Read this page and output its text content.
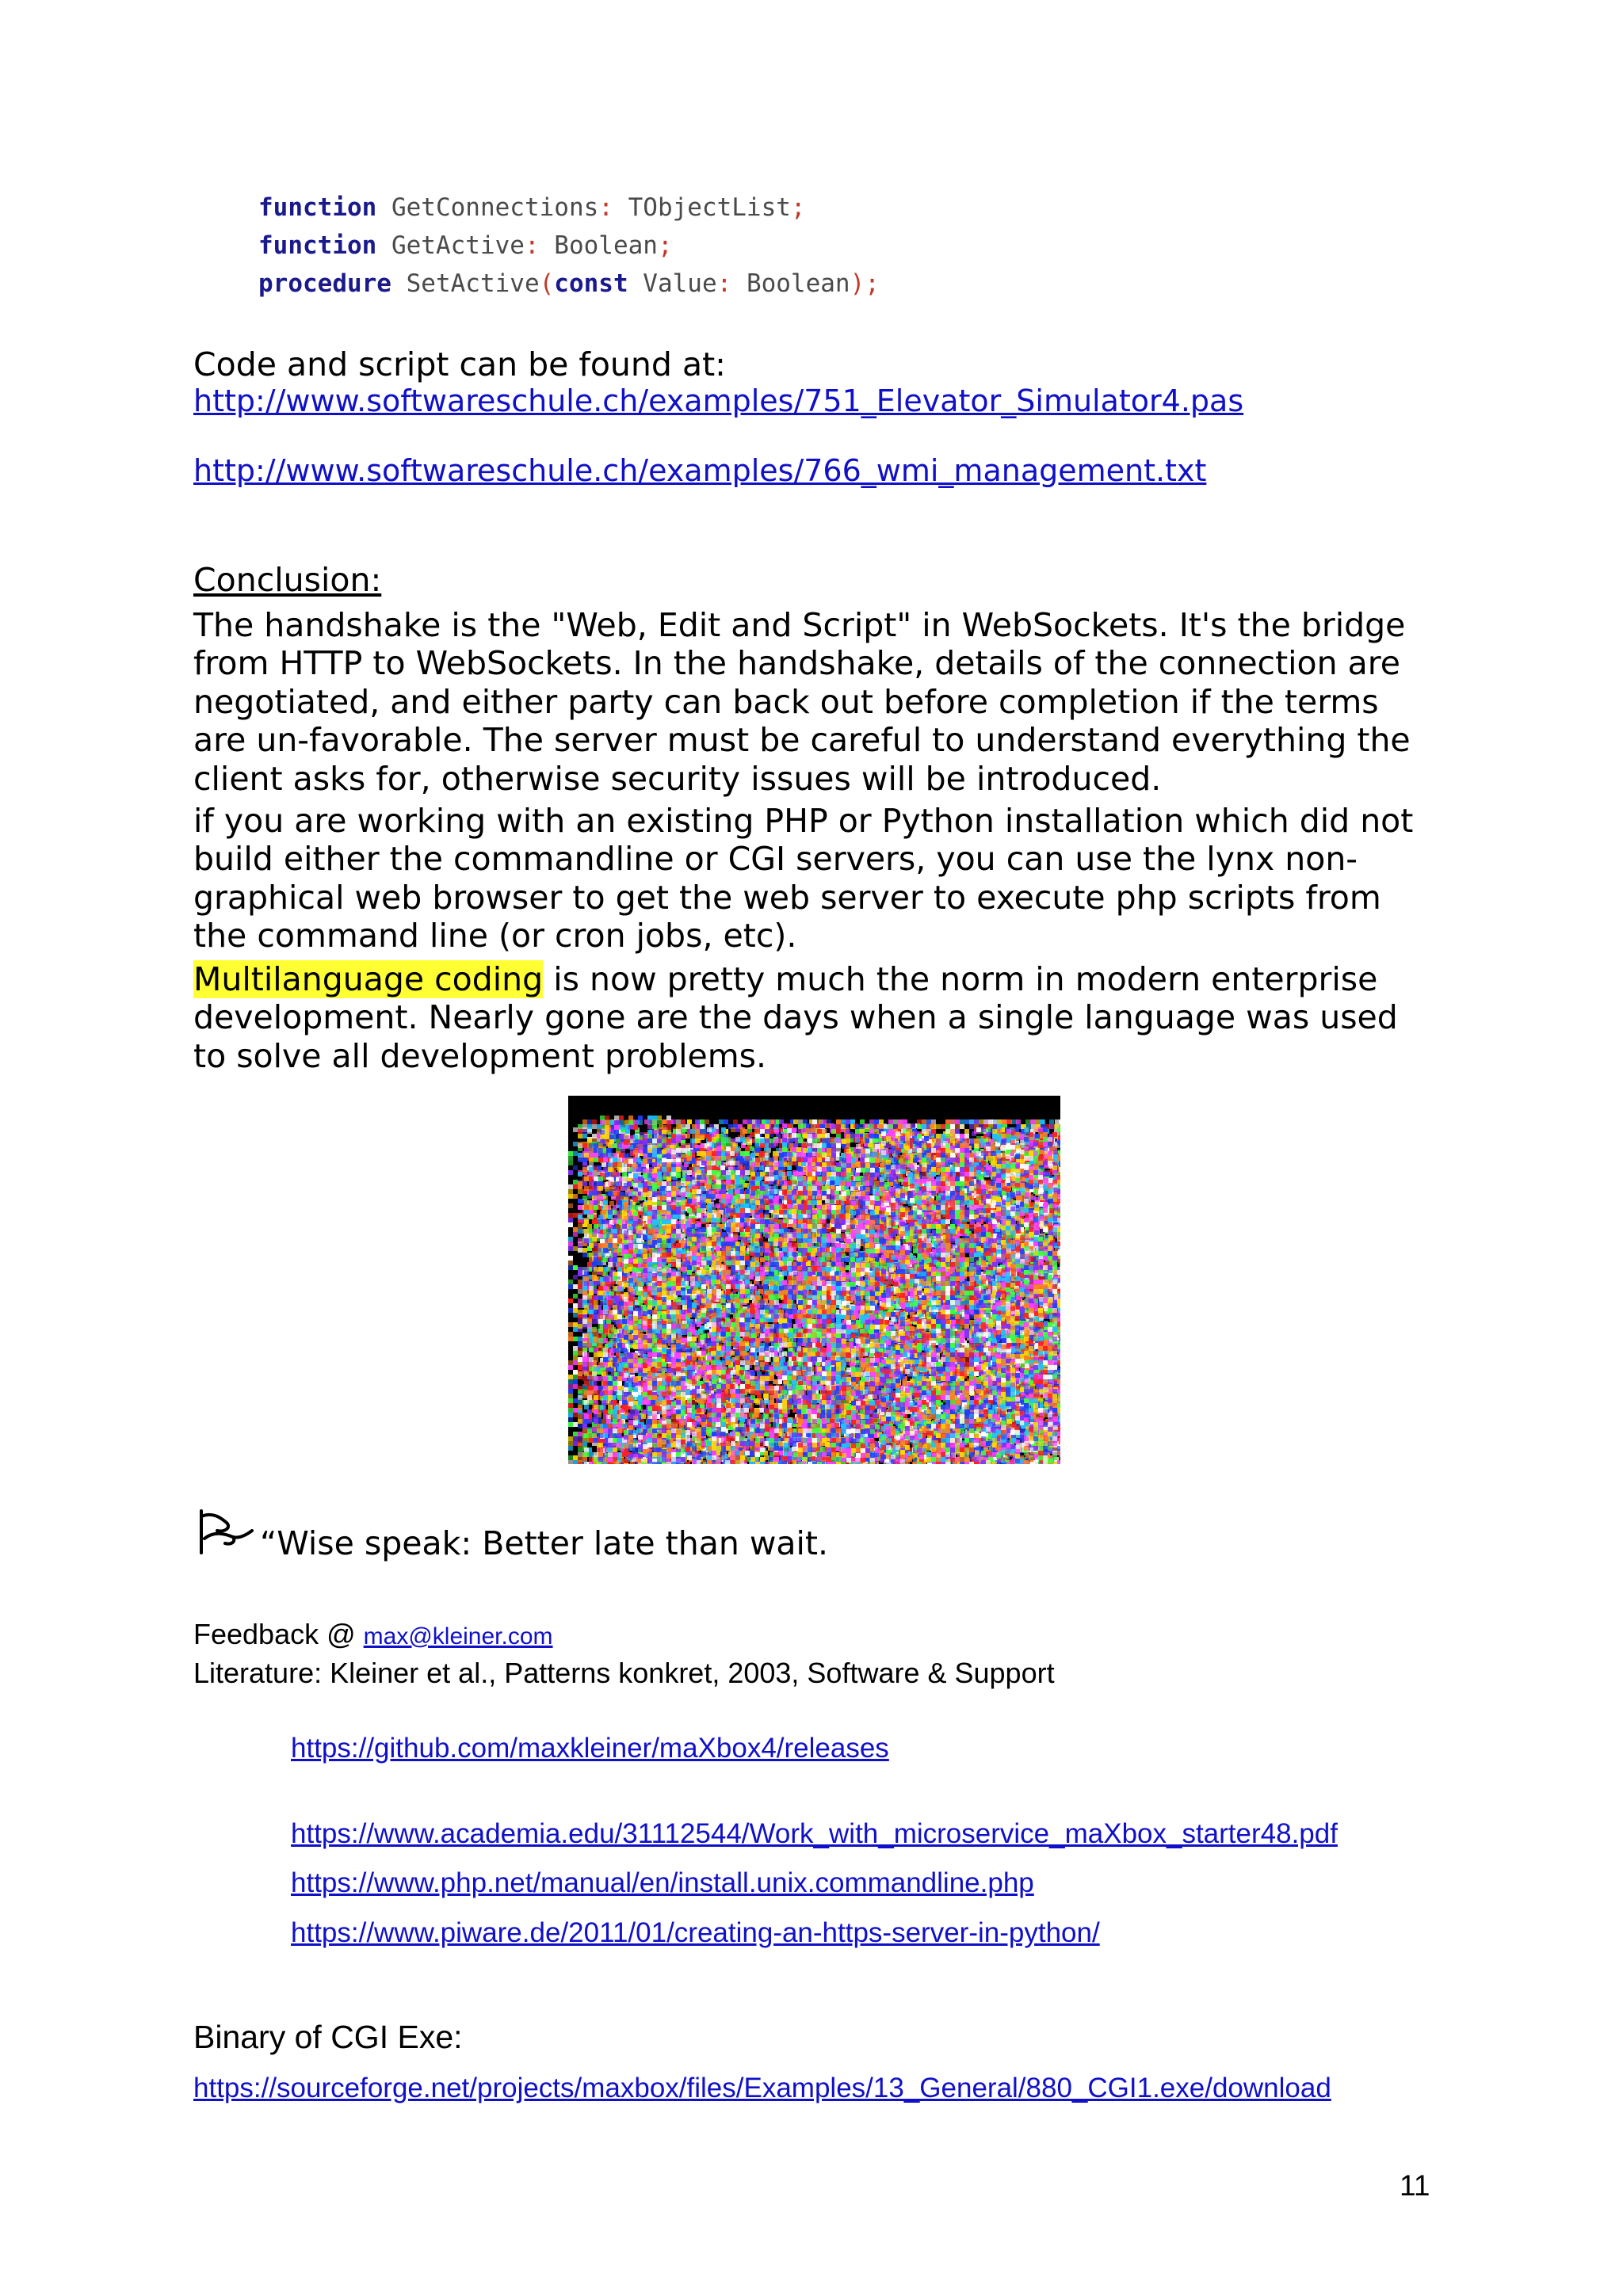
function GetConnections: TObjectList;
function GetActive: Boolean;
procedure SetActive(const Value: Boolean);
Code and script can be found at:
http://www.softwareschule.ch/examples/751_Elevator_Simulator4.pas
http://www.softwareschule.ch/examples/766_wmi_management.txt
Conclusion:
The handshake is the "Web, Edit and Script" in WebSockets. It's the bridge
from HTTP to WebSockets. In the handshake, details of the connection are
negotiated, and either party can back out before completion if the terms
are un-favorable. The server must be careful to understand everything the
client asks for, otherwise security issues will be introduced.
if you are working with an existing PHP or Python installation which did not
build either the commandline or CGI servers, you can use the lynx non-
graphical web browser to get the web server to execute php scripts from
the command line (or cron jobs, etc).
Multilanguage coding is now pretty much the norm in modern enterprise
development. Nearly gone are the days when a single language was used
to solve all development problems.
“Wise speak: Better late than wait.
Feedback @ max@kleiner.com
Literature: Kleiner et al., Patterns konkret, 2003, Software & Support
https://github.com/maxkleiner/maXbox4/releases
https://www.academia.edu/31112544/Work_with_microservice_maXbox_starter48.pdf
https://www.php.net/manual/en/install.unix.commandline.php
https://www.piware.de/2011/01/creating-an-https-server-in-python/
Binary of CGI Exe:
https://sourceforge.net/projects/maxbox/files/Examples/13_General/880_CGI1.exe/download
11
